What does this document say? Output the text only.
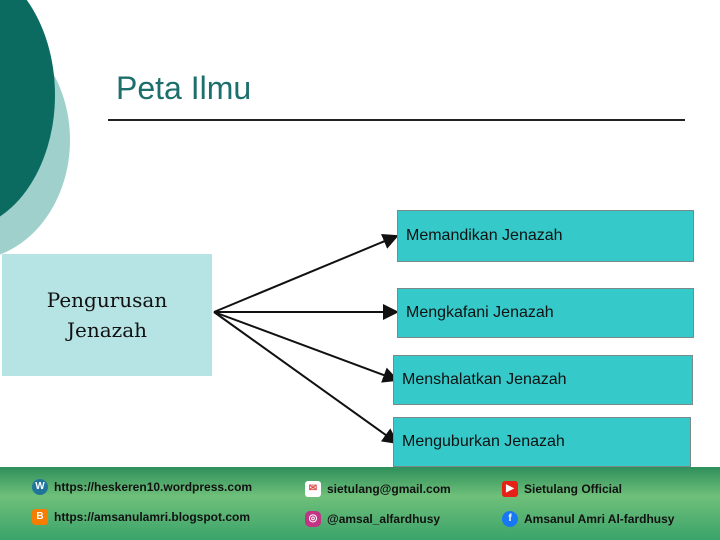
Peta Ilmu
Pengurusan Jenazah
Memandikan Jenazah
Mengkafani Jenazah
Menshalatkan Jenazah
Menguburkan Jenazah
W https://heskeren10.wordpress.com
B https://amsanulamri.blogspot.com
✉ sietulang@gmail.com
◎ @amsal_alfardhusy
▶ Sietulang Official
f	Amsanul Amri Al-fardhusy
